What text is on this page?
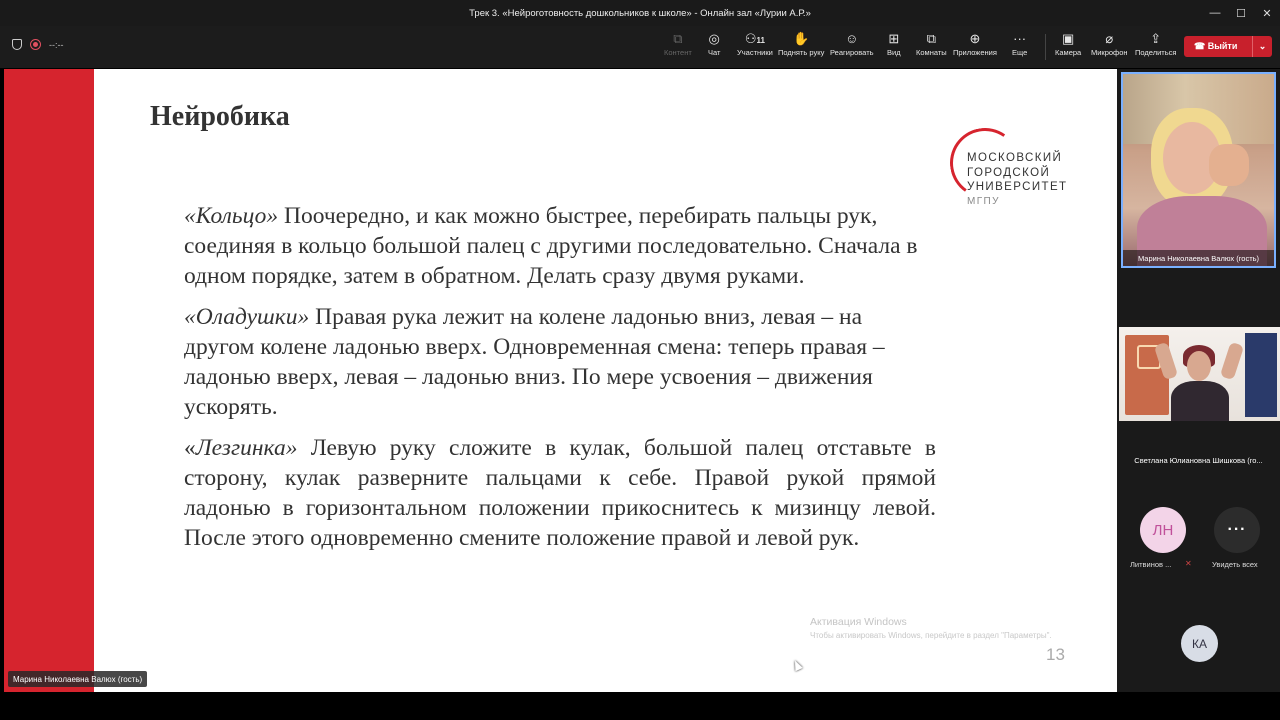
Трек 3. «Нейроготовность дошкольников к школе» - Онлайн зал «Лурии А.Р.»	—	☐	✕
--:--	⧉
Контент
◎
Чат
⚇11
Участники
✋
Поднять руку
☺
Реагировать
⊞
Вид
⧉
Комнаты
⊕
Приложения
···
Еще
▣
Камера
⌀
Микрофон
⇪
Поделиться
☎ Выйти	⌄
Нейробика
МОСКОВСКИЙ
ГОРОДСКОЙ
УНИВЕРСИТЕТ
МГПУ

«Кольцо» Поочередно, и как можно быстрее, перебирать пальцы рук, соединяя в кольцо большой палец с другими последовательно. Сначала в одном порядке, затем в обратном. Делать сразу двумя руками.

«Оладушки» Правая рука лежит на колене ладонью вниз, левая – на другом колене ладонью вверх. Одновременная смена: теперь правая – ладонью вверх, левая – ладонью вниз. По мере усвоения – движения ускорять.

«Лезгинка» Левую руку сложите в кулак, большой палец отставьте в сторону, кулак разверните пальцами к себе. Правой рукой прямой ладонью в горизонтальном положении прикоснитесь к мизинцу левой. После этого одновременно смените положение правой и левой рук.

Активация Windows
Чтобы активировать Windows, перейдите в раздел "Параметры".
13
Марина Николаевна Валюх (гость)
Марина Николаевна Валюх (гость)
Светлана Юлиановна Шишкова (го...
ЛН
Литвинов ... ✕
···
Увидеть всех
КА
